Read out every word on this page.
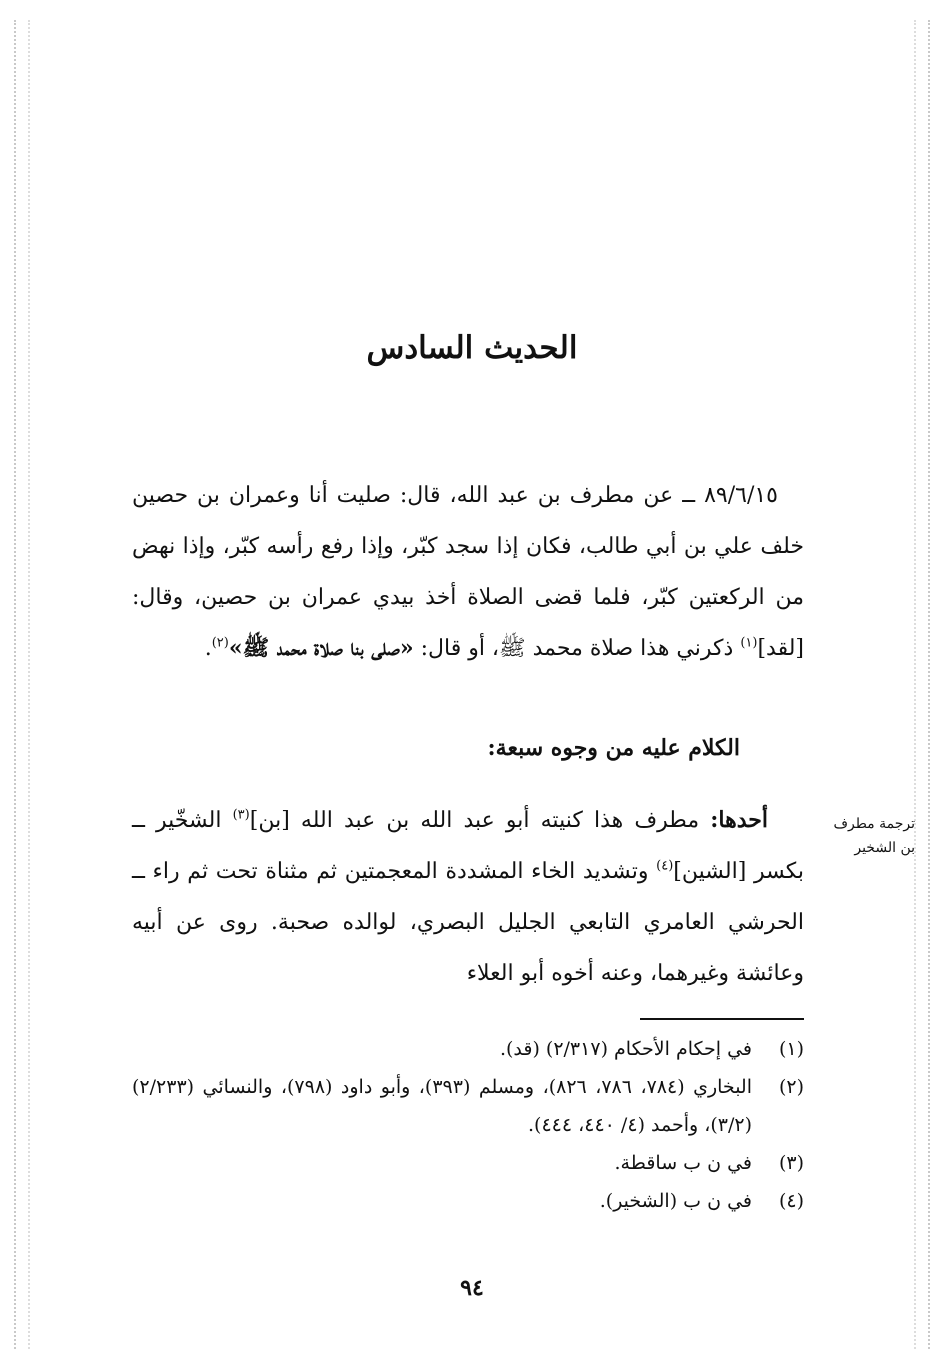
الحديث السادس

٨٩/٦/١٥ ــ عن مطرف بن عبد الله، قال: صليت أنا وعمران بن حصين خلف علي بن أبي طالب، فكان إذا سجد كبّر، وإذا رفع رأسه كبّر، وإذا نهض من الركعتين كبّر، فلما قضى الصلاة أخذ بيدي عمران بن حصين، وقال: [لقد]$^{(١)}$ ذكرني هذا صلاة محمد ﷺ، أو قال: «صلى بنا صلاة محمد ﷺ»$^{(٢)}$.

الكلام عليه من وجوه سبعة:

أحدها: مطرف هذا كنيته أبو عبد الله بن عبد الله [بن]$^{(٣)}$ الشخّير ــ بكسر [الشين]$^{(٤)}$ وتشديد الخاء المشددة المعجمتين ثم مثناة تحت ثم راء ــ الحرشي العامري التابعي الجليل البصري، لوالده صحبة. روى عن أبيه وعائشة وغيرهما، وعنه أخوه أبو العلاء

ترجمة مطرف بن الشخير
(١)
في إحكام الأحكام (٢/٣١٧) (قد).
(٢)
البخاري (٧٨٤، ٧٨٦، ٨٢٦)، ومسلم (٣٩٣)، وأبو داود (٧٩٨)، والنسائي (٢/٢٣٣) (٣/٢)، وأحمد (٤/ ٤٤٠، ٤٤٤).
(٣)
في ن ب ساقطة.
(٤)
في ن ب (الشخير).
٩٤
